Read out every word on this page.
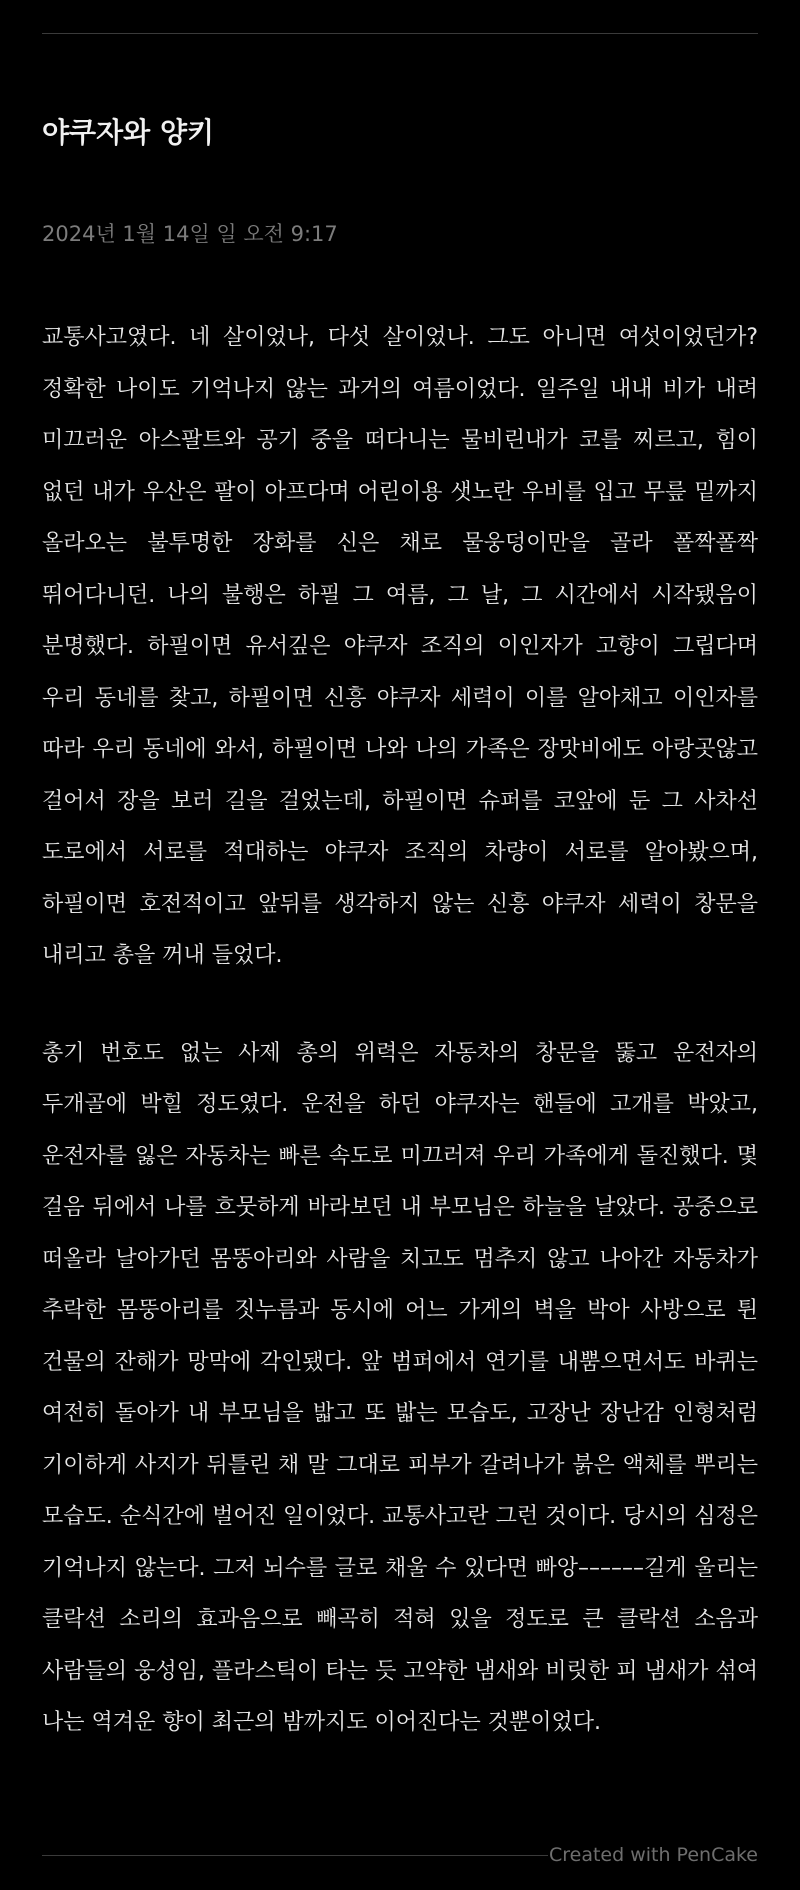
야쿠자와 양키
2024년 1월 14일 일 오전 9:17

교통사고였다. 네 살이었나, 다섯 살이었나. 그도 아니면 여섯이었던가? 정확한 나이도 기억나지 않는 과거의 여름이었다. 일주일 내내 비가 내려 미끄러운 아스팔트와 공기 중을 떠다니는 물비린내가 코를 찌르고, 힘이 없던 내가 우산은 팔이 아프다며 어린이용 샛노란 우비를 입고 무릎 밑까지 올라오는 불투명한 장화를 신은 채로 물웅덩이만을 골라 폴짝폴짝 뛰어다니던. 나의 불행은 하필 그 여름, 그 날, 그 시간에서 시작됐음이 분명했다. 하필이면 유서깊은 야쿠자 조직의 이인자가 고향이 그립다며 우리 동네를 찾고, 하필이면 신흥 야쿠자 세력이 이를 알아채고 이인자를 따라 우리 동네에 와서, 하필이면 나와 나의 가족은 장맛비에도 아랑곳않고 걸어서 장을 보러 길을 걸었는데, 하필이면 슈퍼를 코앞에 둔 그 사차선 도로에서 서로를 적대하는 야쿠자 조직의 차량이 서로를 알아봤으며, 하필이면 호전적이고 앞뒤를 생각하지 않는 신흥 야쿠자 세력이 창문을 내리고 총을 꺼내 들었다.

총기 번호도 없는 사제 총의 위력은 자동차의 창문을 뚫고 운전자의 두개골에 박힐 정도였다. 운전을 하던 야쿠자는 핸들에 고개를 박았고, 운전자를 잃은 자동차는 빠른 속도로 미끄러져 우리 가족에게 돌진했다. 몇 걸음 뒤에서 나를 흐뭇하게 바라보던 내 부모님은 하늘을 날았다. 공중으로 떠올라 날아가던 몸뚱아리와 사람을 치고도 멈추지 않고 나아간 자동차가 추락한 몸뚱아리를 짓누름과 동시에 어느 가게의 벽을 박아 사방으로 튄 건물의 잔해가 망막에 각인됐다. 앞 범퍼에서 연기를 내뿜으면서도 바퀴는 여전히 돌아가 내 부모님을 밟고 또 밟는 모습도, 고장난 장난감 인형처럼 기이하게 사지가 뒤틀린 채 말 그대로 피부가 갈려나가 붉은 액체를 뿌리는 모습도. 순식간에 벌어진 일이었다. 교통사고란 그런 것이다. 당시의 심정은 기억나지 않는다. 그저 뇌수를 글로 채울 수 있다면 빠앙––––––길게 울리는 클락션 소리의 효과음으로 빼곡히 적혀 있을 정도로 큰 클락션 소음과 사람들의 웅성임, 플라스틱이 타는 듯 고약한 냄새와 비릿한 피 냄새가 섞여 나는 역겨운 향이 최근의 밤까지도 이어진다는 것뿐이었다.

Created with PenCake
